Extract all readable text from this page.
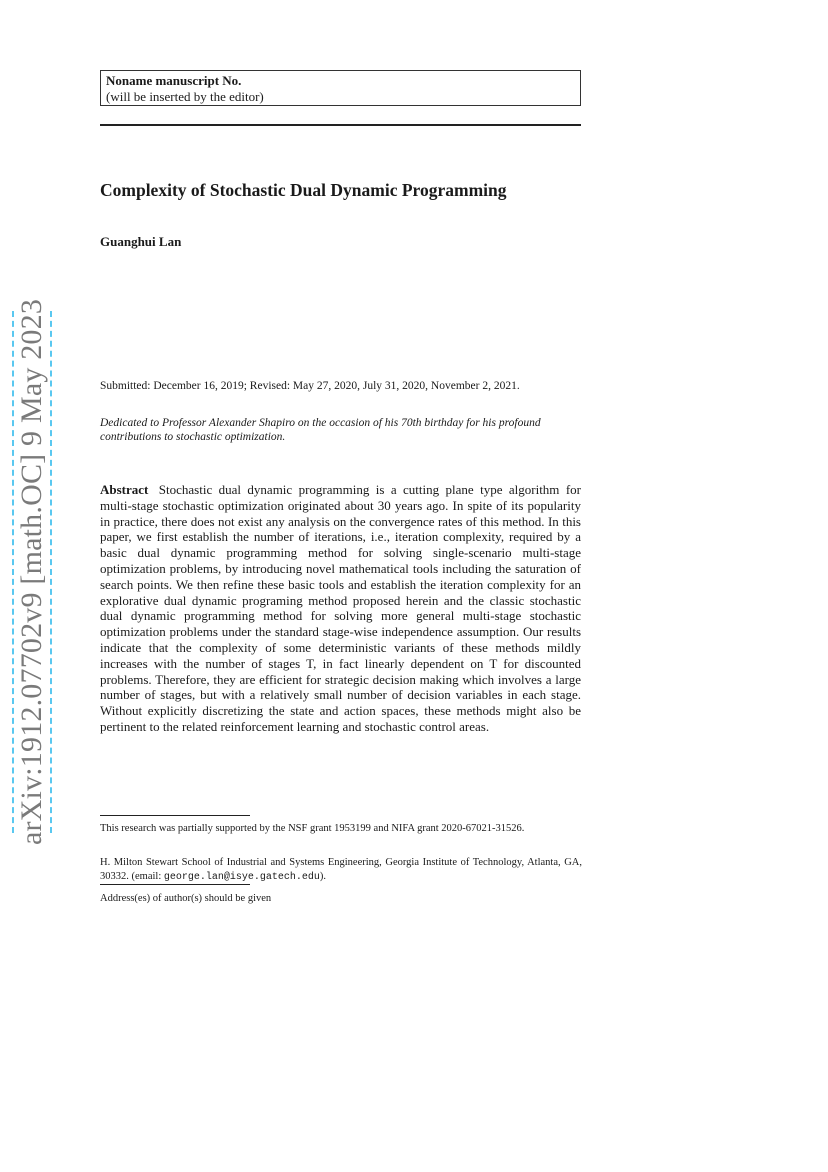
arXiv:1912.07702v9 [math.OC] 9 May 2023
Noname manuscript No.
(will be inserted by the editor)
Complexity of Stochastic Dual Dynamic Programming
Guanghui Lan
Submitted: December 16, 2019; Revised: May 27, 2020, July 31, 2020, November 2, 2021.
Dedicated to Professor Alexander Shapiro on the occasion of his 70th birthday for his profound contributions to stochastic optimization.
Abstract Stochastic dual dynamic programming is a cutting plane type algorithm for multi-stage stochastic optimization originated about 30 years ago. In spite of its popularity in practice, there does not exist any analysis on the convergence rates of this method. In this paper, we first establish the number of iterations, i.e., iteration complexity, required by a basic dual dynamic programming method for solving single-scenario multi-stage optimization problems, by introducing novel mathematical tools including the saturation of search points. We then refine these basic tools and establish the iteration complexity for an explorative dual dynamic programing method proposed herein and the classic stochastic dual dynamic programming method for solving more general multi-stage stochastic optimization problems under the standard stage-wise independence assumption. Our results indicate that the complexity of some deterministic variants of these methods mildly increases with the number of stages T, in fact linearly dependent on T for discounted problems. Therefore, they are efficient for strategic decision making which involves a large number of stages, but with a relatively small number of decision variables in each stage. Without explicitly discretizing the state and action spaces, these methods might also be pertinent to the related reinforcement learning and stochastic control areas.
This research was partially supported by the NSF grant 1953199 and NIFA grant 2020-67021-31526.
H. Milton Stewart School of Industrial and Systems Engineering, Georgia Institute of Technology, Atlanta, GA, 30332. (email: george.lan@isye.gatech.edu).
Address(es) of author(s) should be given
